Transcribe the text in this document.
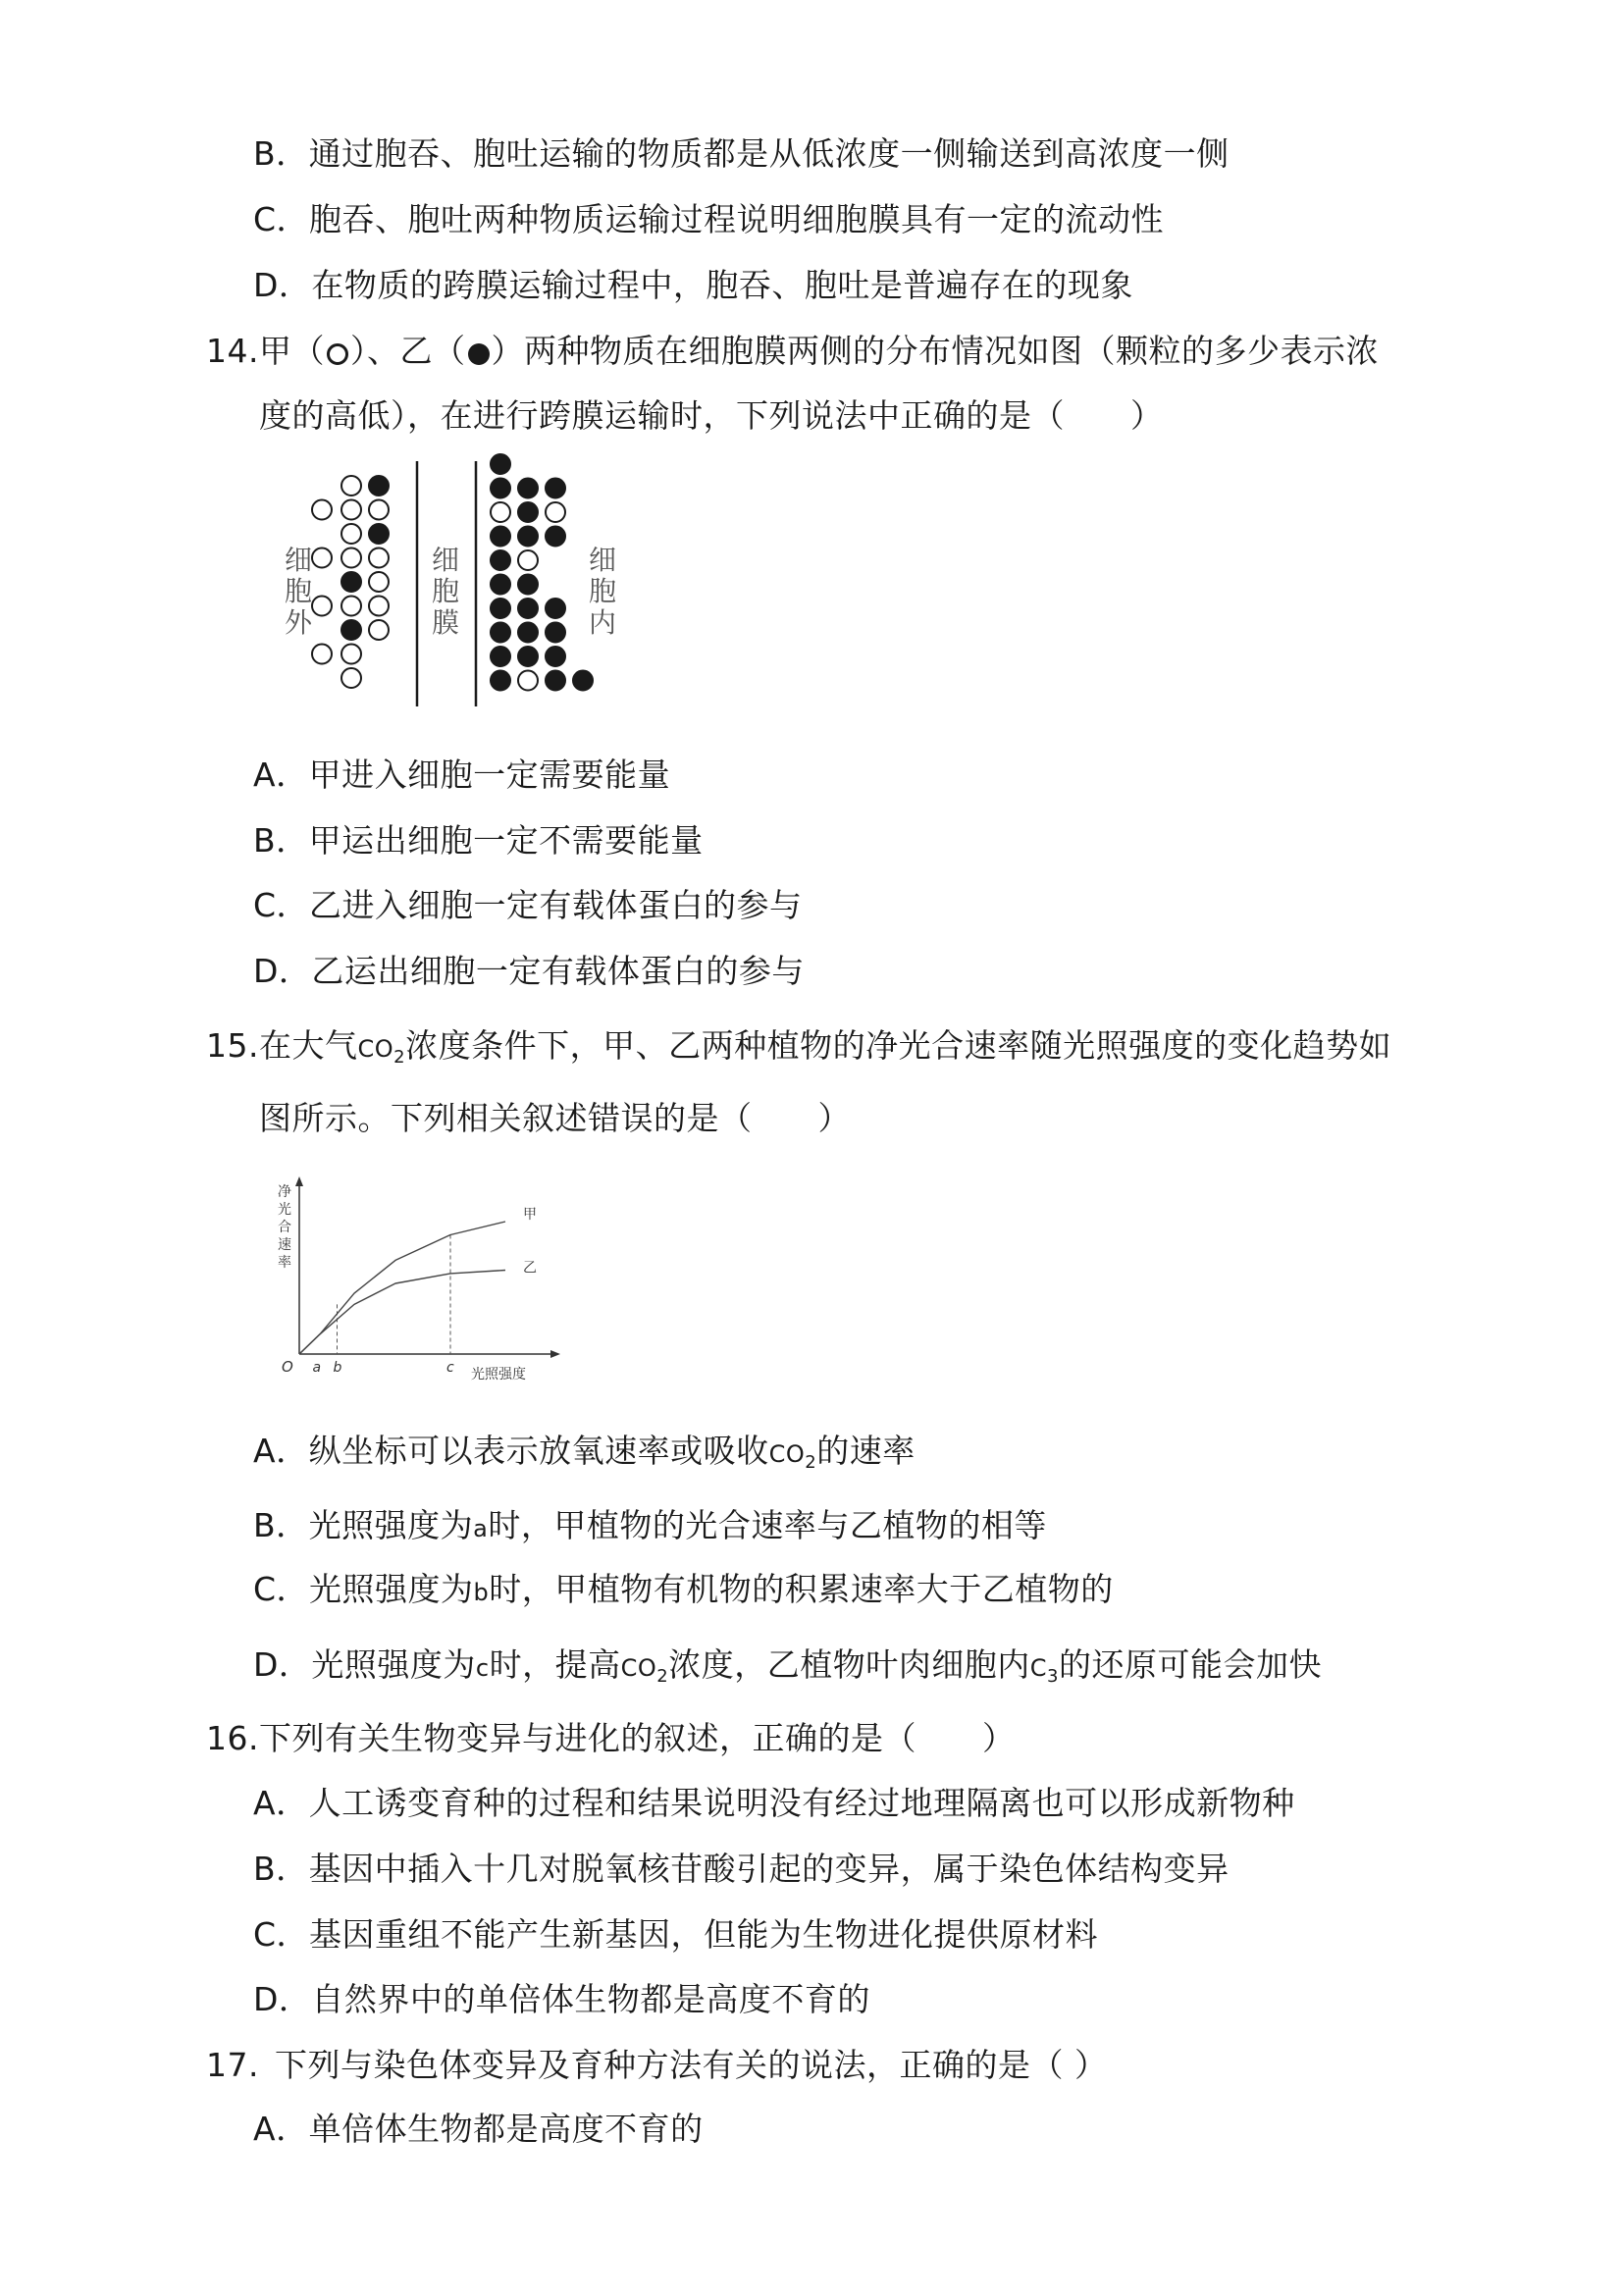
B．通过胞吞、胞吐运输的物质都是从低浓度一侧输送到高浓度一侧
C．胞吞、胞吐两种物质运输过程说明细胞膜具有一定的流动性
D．在物质的跨膜运输过程中，胞吞、胞吐是普遍存在的现象
14.甲（ ）、乙（ ）两种物质在细胞膜两侧的分布情况如图（颗粒的多少表示浓
度的高低），在进行跨膜运输时，下列说法中正确的是（　　）
细胞外
细胞膜
细胞内
A．甲进入细胞一定需要能量
B．甲运出细胞一定不需要能量
C．乙进入细胞一定有载体蛋白的参与
D．乙运出细胞一定有载体蛋白的参与
15.在大气$CO_2$浓度条件下，甲、乙两种植物的净光合速率随光照强度的变化趋势如
图所示。下列相关叙述错误的是（　　）
净
光
合
速
率
O a b	c 光照强度
甲
乙
A．纵坐标可以表示放氧速率或吸收$CO_2$的速率
B．光照强度为a时，甲植物的光合速率与乙植物的相等
C．光照强度为b时，甲植物有机物的积累速率大于乙植物的
D．光照强度为c时，提高$CO_2$浓度，乙植物叶肉细胞内$C_3$的还原可能会加快
16.下列有关生物变异与进化的叙述，正确的是（　　）
A．人工诱变育种的过程和结果说明没有经过地理隔离也可以形成新物种
B．基因中插入十几对脱氧核苷酸引起的变异，属于染色体结构变异
C．基因重组不能产生新基因，但能为生物进化提供原材料
D．自然界中的单倍体生物都是高度不育的
17. 下列与染色体变异及育种方法有关的说法，正确的是（ ）
A．单倍体生物都是高度不育的
